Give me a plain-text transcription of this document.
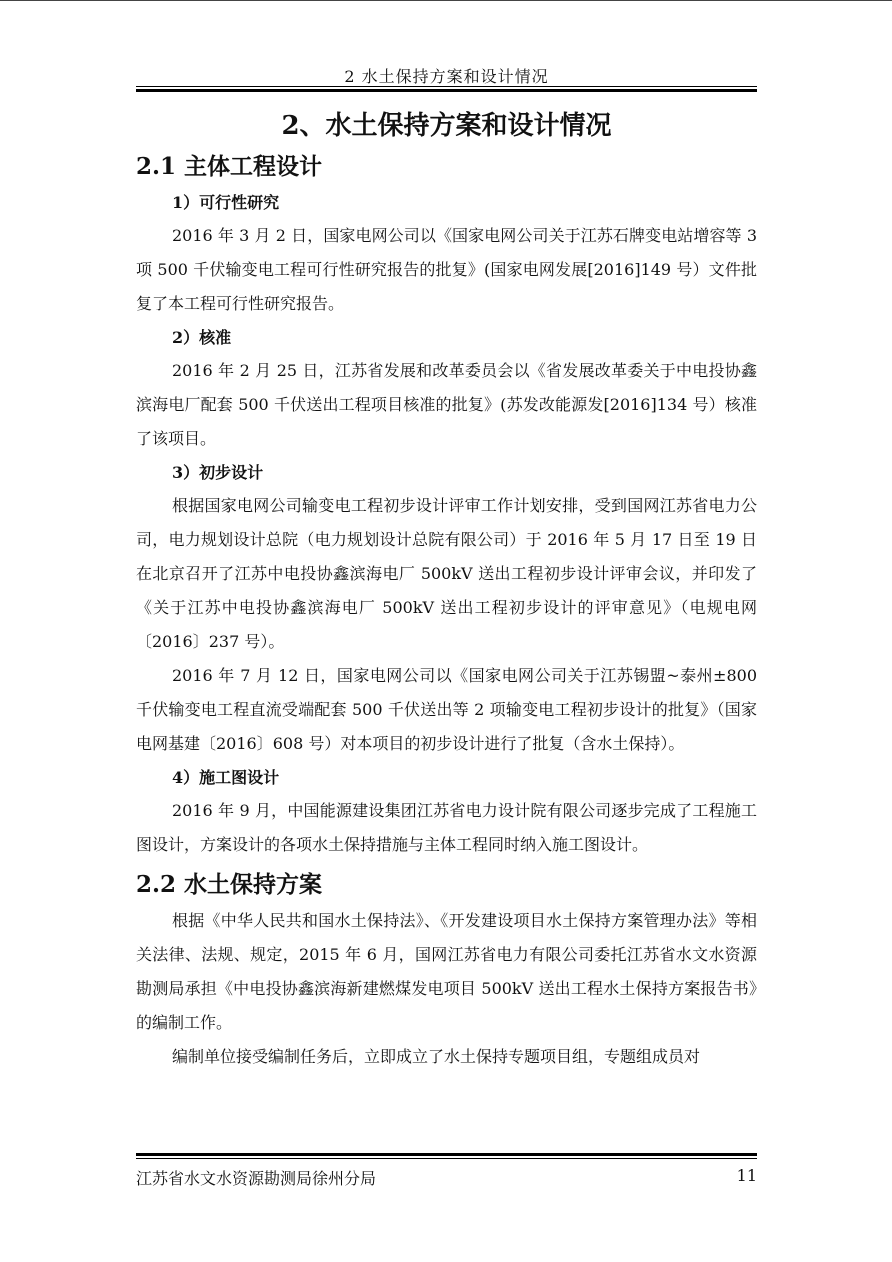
2 水土保持方案和设计情况
2、水土保持方案和设计情况
2.1 主体工程设计
1）可行性研究

2016 年 3 月 2 日，国家电网公司以《国家电网公司关于江苏石牌变电站增容等 3 项 500 千伏输变电工程可行性研究报告的批复》(国家电网发展[2016]149 号）文件批复了本工程可行性研究报告。

2）核准

2016 年 2 月 25 日，江苏省发展和改革委员会以《省发展改革委关于中电投协鑫滨海电厂配套 500 千伏送出工程项目核准的批复》(苏发改能源发[2016]134 号）核准了该项目。

3）初步设计

根据国家电网公司输变电工程初步设计评审工作计划安排，受到国网江苏省电力公司，电力规划设计总院（电力规划设计总院有限公司）于 2016 年 5 月 17 日至 19 日在北京召开了江苏中电投协鑫滨海电厂 500kV 送出工程初步设计评审会议，并印发了《关于江苏中电投协鑫滨海电厂 500kV 送出工程初步设计的评审意见》（电规电网〔2016〕237 号）。

2016 年 7 月 12 日，国家电网公司以《国家电网公司关于江苏锡盟~泰州±800 千伏输变电工程直流受端配套 500 千伏送出等 2 项输变电工程初步设计的批复》（国家电网基建〔2016〕608 号）对本项目的初步设计进行了批复（含水土保持）。

4）施工图设计

2016 年 9 月，中国能源建设集团江苏省电力设计院有限公司逐步完成了工程施工图设计，方案设计的各项水土保持措施与主体工程同时纳入施工图设计。

2.2 水土保持方案

根据《中华人民共和国水土保持法》、《开发建设项目水土保持方案管理办法》等相关法律、法规、规定，2015 年 6 月，国网江苏省电力有限公司委托江苏省水文水资源勘测局承担《中电投协鑫滨海新建燃煤发电项目 500kV 送出工程水土保持方案报告书》的编制工作。

编制单位接受编制任务后，立即成立了水土保持专题项目组，专题组成员对

江苏省水文水资源勘测局徐州分局	11
